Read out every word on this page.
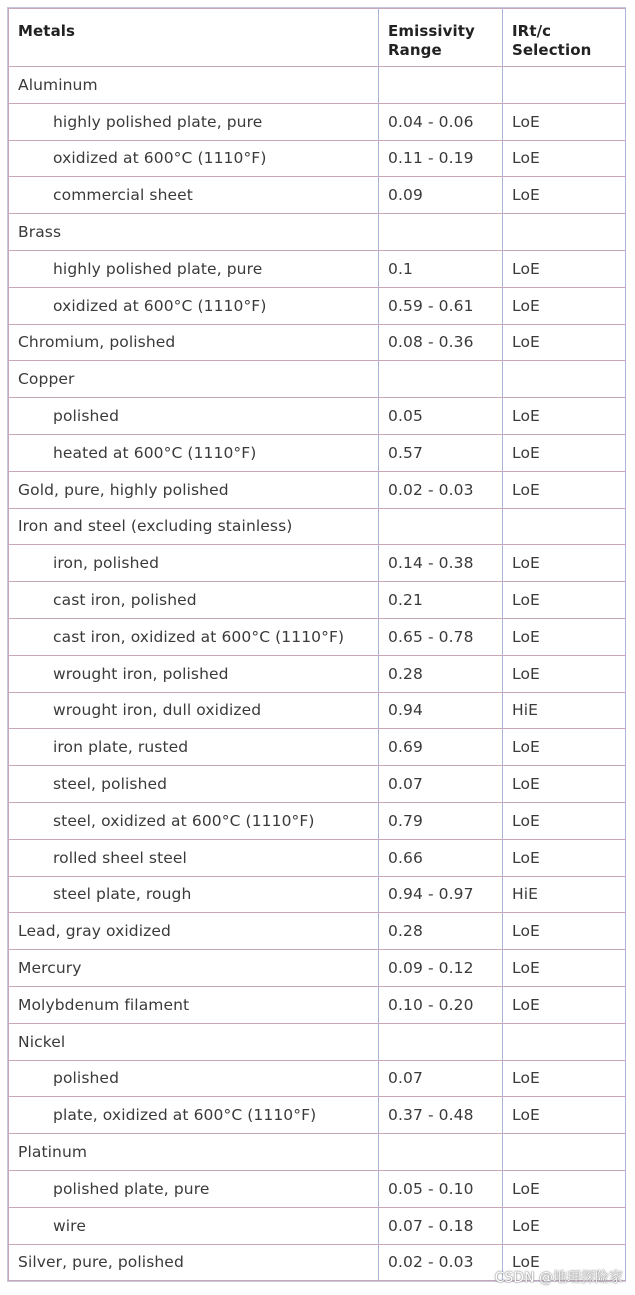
Metals	Emissivity Range	IRt/c Selection
Aluminum		
highly polished plate, pure	0.04 - 0.06	LoE
oxidized at 600°C (1110°F)	0.11 - 0.19	LoE
commercial sheet	0.09	LoE
Brass		
highly polished plate, pure	0.1	LoE
oxidized at 600°C (1110°F)	0.59 - 0.61	LoE
Chromium, polished	0.08 - 0.36	LoE
Copper		
polished	0.05	LoE
heated at 600°C (1110°F)	0.57	LoE
Gold, pure, highly polished	0.02 - 0.03	LoE
Iron and steel (excluding stainless)		
iron, polished	0.14 - 0.38	LoE
cast iron, polished	0.21	LoE
cast iron, oxidized at 600°C (1110°F)	0.65 - 0.78	LoE
wrought iron, polished	0.28	LoE
wrought iron, dull oxidized	0.94	HiE
iron plate, rusted	0.69	LoE
steel, polished	0.07	LoE
steel, oxidized at 600°C (1110°F)	0.79	LoE
rolled sheel steel	0.66	LoE
steel plate, rough	0.94 - 0.97	HiE
Lead, gray oxidized	0.28	LoE
Mercury	0.09 - 0.12	LoE
Molybdenum filament	0.10 - 0.20	LoE
Nickel		
polished	0.07	LoE
plate, oxidized at 600°C (1110°F)	0.37 - 0.48	LoE
Platinum		
polished plate, pure	0.05 - 0.10	LoE
wire	0.07 - 0.18	LoE
Silver, pure, polished	0.02 - 0.03	LoE
CSDN @地理探险家
